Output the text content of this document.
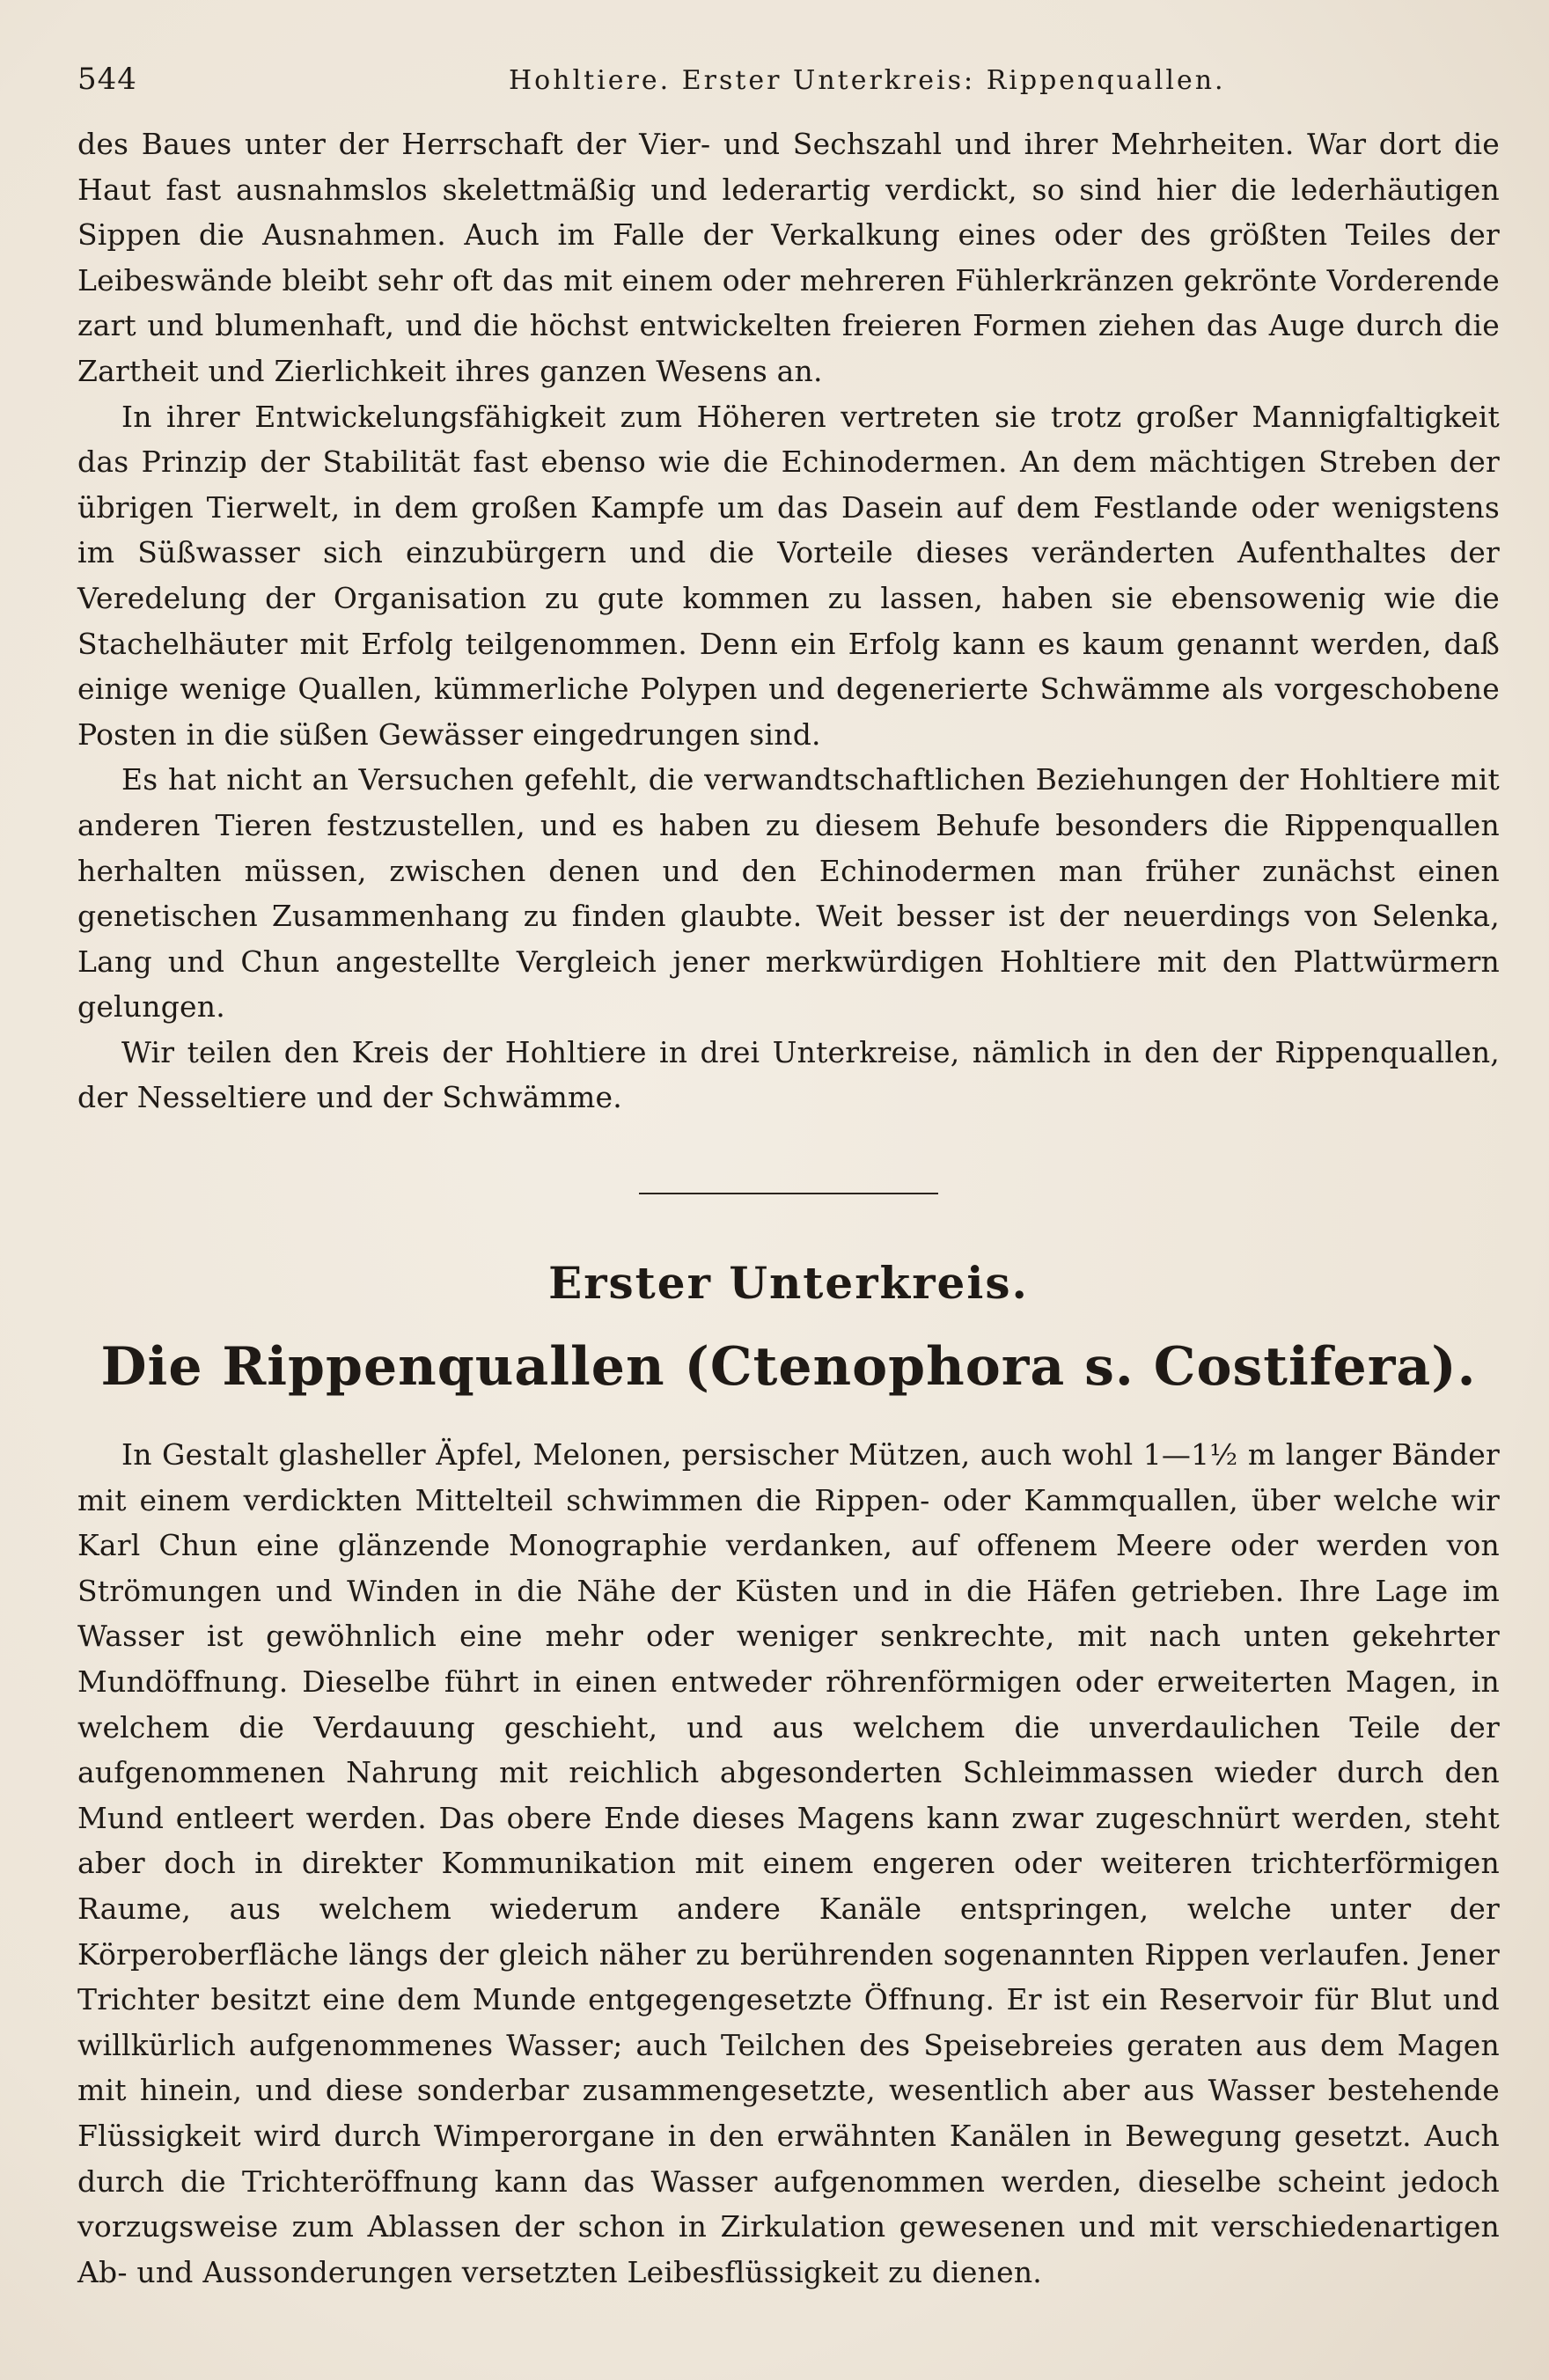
544	Hohltiere. Erster Unterkreis: Rippenquallen.

des Baues unter der Herrschaft der Vier- und Sechszahl und ihrer Mehrheiten. War dort die Haut fast ausnahmslos skelettmäßig und lederartig verdickt, so sind hier die lederhäutigen Sippen die Ausnahmen. Auch im Falle der Verkalkung eines oder des größten Teiles der Leibeswände bleibt sehr oft das mit einem oder mehreren Fühlerkränzen gekrönte Vorderende zart und blumenhaft, und die höchst entwickelten freieren Formen ziehen das Auge durch die Zartheit und Zierlichkeit ihres ganzen Wesens an.

In ihrer Entwickelungsfähigkeit zum Höheren vertreten sie trotz großer Mannigfaltigkeit das Prinzip der Stabilität fast ebenso wie die Echinodermen. An dem mächtigen Streben der übrigen Tierwelt, in dem großen Kampfe um das Dasein auf dem Festlande oder wenigstens im Süßwasser sich einzubürgern und die Vorteile dieses veränderten Aufenthaltes der Veredelung der Organisation zu gute kommen zu lassen, haben sie ebensowenig wie die Stachelhäuter mit Erfolg teilgenommen. Denn ein Erfolg kann es kaum genannt werden, daß einige wenige Quallen, kümmerliche Polypen und degenerierte Schwämme als vorgeschobene Posten in die süßen Gewässer eingedrungen sind.

Es hat nicht an Versuchen gefehlt, die verwandtschaftlichen Beziehungen der Hohltiere mit anderen Tieren festzustellen, und es haben zu diesem Behufe besonders die Rippenquallen herhalten müssen, zwischen denen und den Echinodermen man früher zunächst einen genetischen Zusammenhang zu finden glaubte. Weit besser ist der neuerdings von Selenka, Lang und Chun angestellte Vergleich jener merkwürdigen Hohltiere mit den Plattwürmern gelungen.

Wir teilen den Kreis der Hohltiere in drei Unterkreise, nämlich in den der Rippenquallen, der Nesseltiere und der Schwämme.

Erster Unterkreis.
Die Rippenquallen (Ctenophora s. Costifera).

In Gestalt glasheller Äpfel, Melonen, persischer Mützen, auch wohl 1—1½ m langer Bänder mit einem verdickten Mittelteil schwimmen die Rippen- oder Kammquallen, über welche wir Karl Chun eine glänzende Monographie verdanken, auf offenem Meere oder werden von Strömungen und Winden in die Nähe der Küsten und in die Häfen getrieben. Ihre Lage im Wasser ist gewöhnlich eine mehr oder weniger senkrechte, mit nach unten gekehrter Mundöffnung. Dieselbe führt in einen entweder röhrenförmigen oder erweiterten Magen, in welchem die Verdauung geschieht, und aus welchem die unverdaulichen Teile der aufgenommenen Nahrung mit reichlich abgesonderten Schleimmassen wieder durch den Mund entleert werden. Das obere Ende dieses Magens kann zwar zugeschnürt werden, steht aber doch in direkter Kommunikation mit einem engeren oder weiteren trichterförmigen Raume, aus welchem wiederum andere Kanäle entspringen, welche unter der Körperoberfläche längs der gleich näher zu berührenden sogenannten Rippen verlaufen. Jener Trichter besitzt eine dem Munde entgegengesetzte Öffnung. Er ist ein Reservoir für Blut und willkürlich aufgenommenes Wasser; auch Teilchen des Speisebreies geraten aus dem Magen mit hinein, und diese sonderbar zusammengesetzte, wesentlich aber aus Wasser bestehende Flüssigkeit wird durch Wimperorgane in den erwähnten Kanälen in Bewegung gesetzt. Auch durch die Trichteröffnung kann das Wasser aufgenommen werden, dieselbe scheint jedoch vorzugsweise zum Ablassen der schon in Zirkulation gewesenen und mit verschiedenartigen Ab- und Aussonderungen versetzten Leibesflüssigkeit zu dienen.
